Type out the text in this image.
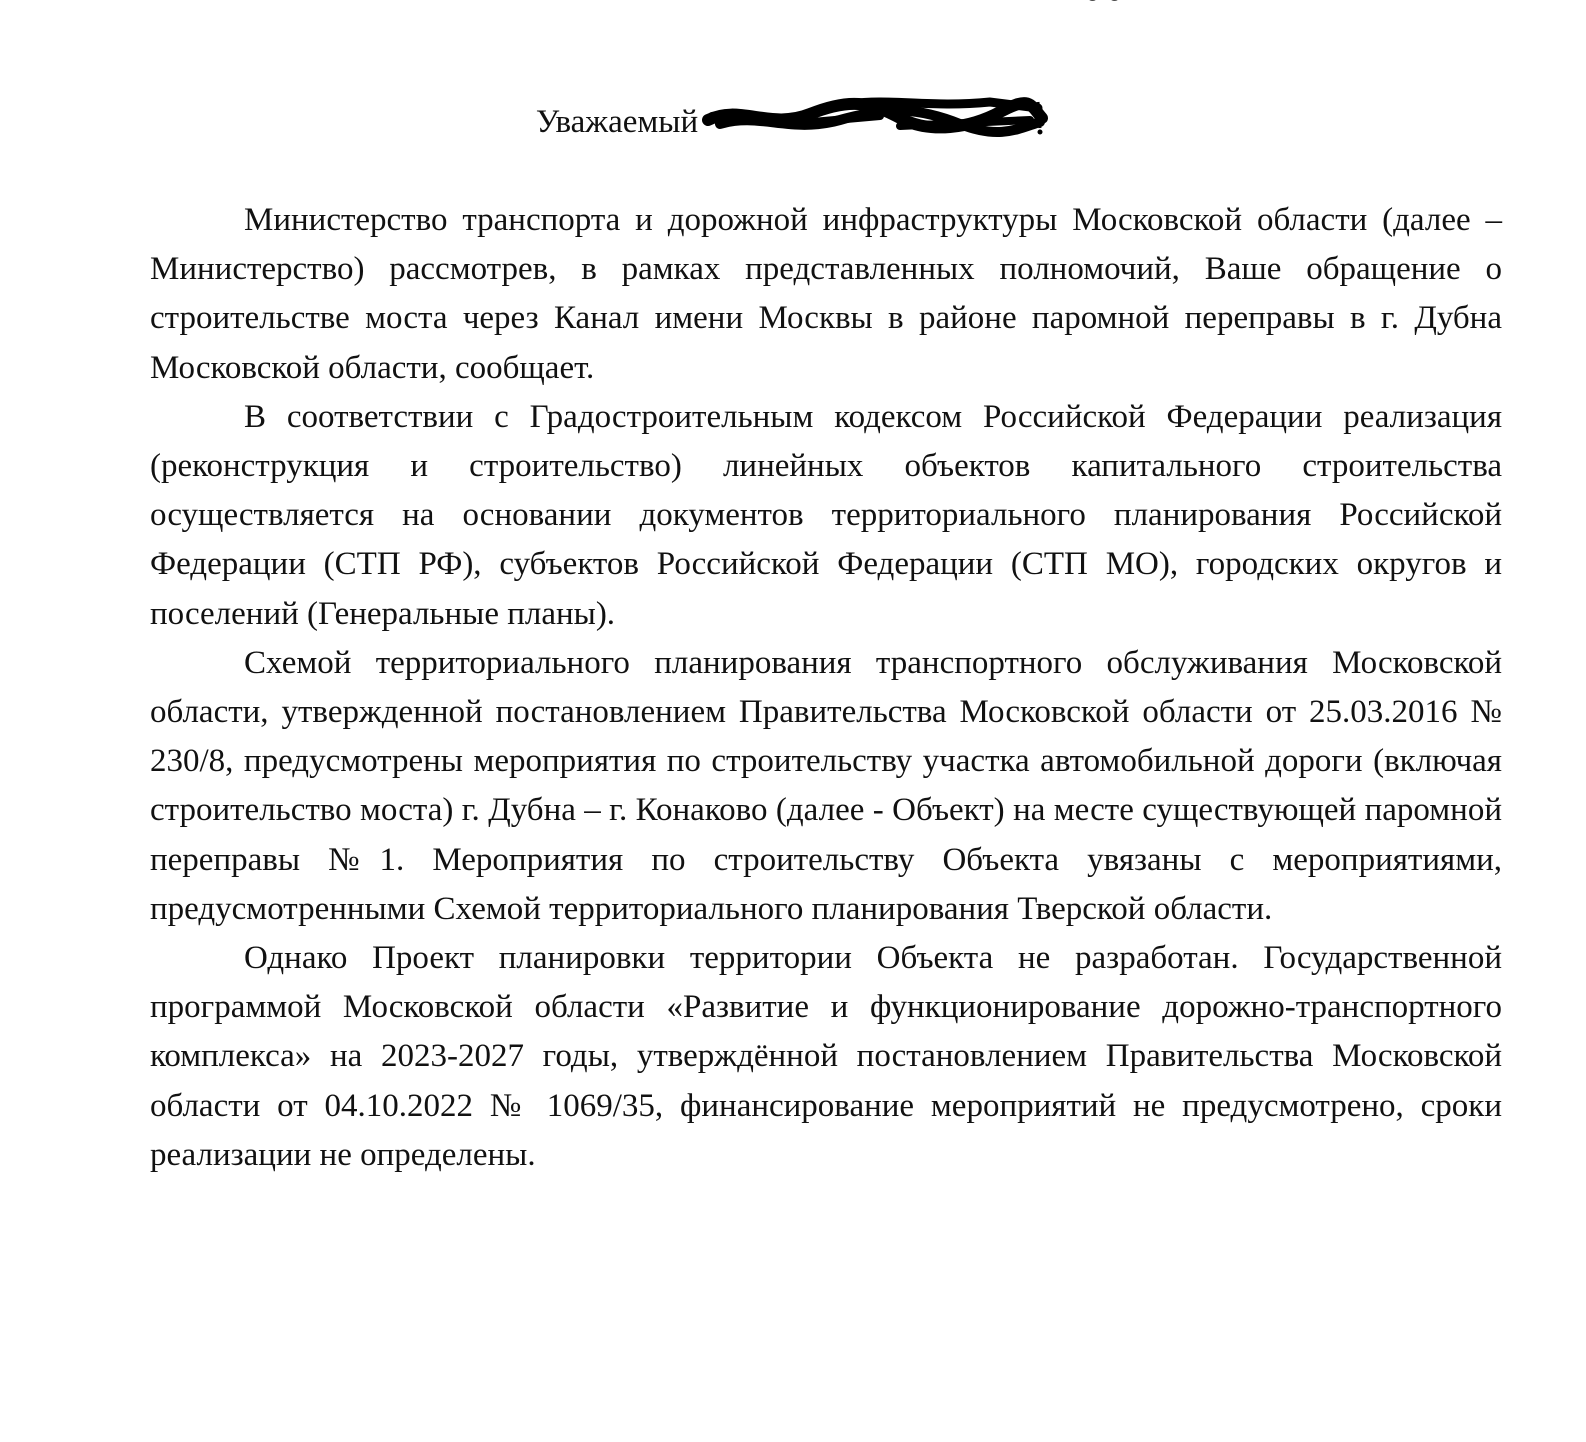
Уважаемый

Министерство транспорта и дорожной инфраструктуры Московской области (далее – Министерство) рассмотрев, в рамках представленных полномочий, Ваше обращение о строительстве моста через Канал имени Москвы в районе паромной переправы в г. Дубна Московской области, сообщает.

В соответствии с Градостроительным кодексом Российской Федерации реализация (реконструкция и строительство) линейных объектов капитального строительства осуществляется на основании документов территориального планирования Российской Федерации (СТП РФ), субъектов Российской Федерации (СТП МО), городских округов и поселений (Генеральные планы).

Схемой территориального планирования транспортного обслуживания Московской области, утвержденной постановлением Правительства Московской области от 25.03.2016 № 230/8, предусмотрены мероприятия по строительству участка автомобильной дороги (включая строительство моста) г. Дубна – г. Конаково (далее - Объект) на месте существующей паромной переправы №1. Мероприятия по строительству Объекта увязаны с мероприятиями, предусмотренными Схемой территориального планирования Тверской области.

Однако Проект планировки территории Объекта не разработан. Государственной программой Московской области «Развитие и функционирование дорожно-транспортного комплекса» на 2023-2027 годы, утверждённой постановлением Правительства Московской области от 04.10.2022 № 1069/35, финансирование мероприятий не предусмотрено, сроки реализации не определены.
